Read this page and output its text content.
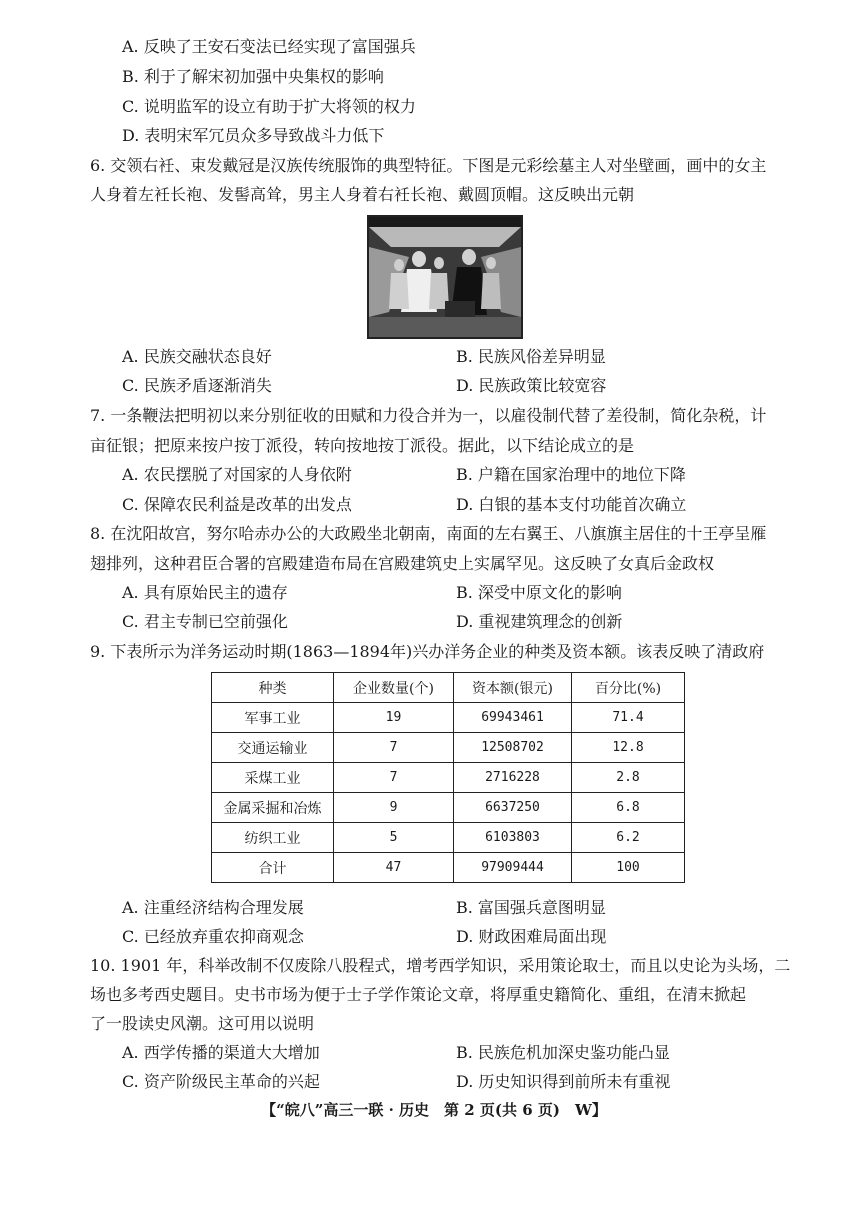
A. 反映了王安石变法已经实现了富国强兵
B. 利于了解宋初加强中央集权的影响
C. 说明监军的设立有助于扩大将领的权力
D. 表明宋军冗员众多导致战斗力低下
6. 交领右衽、束发戴冠是汉族传统服饰的典型特征。下图是元彩绘墓主人对坐壁画，画中的女主
人身着左衽长袍、发髻高耸，男主人身着右衽长袍、戴圆顶帽。这反映出元朝
A. 民族交融状态良好	B. 民族风俗差异明显
C. 民族矛盾逐渐消失	D. 民族政策比较宽容
7. 一条鞭法把明初以来分别征收的田赋和力役合并为一，以雇役制代替了差役制，简化杂税，计
亩征银；把原来按户按丁派役，转向按地按丁派役。据此，以下结论成立的是
A. 农民摆脱了对国家的人身依附	B. 户籍在国家治理中的地位下降
C. 保障农民利益是改革的出发点	D. 白银的基本支付功能首次确立
8. 在沈阳故宫，努尔哈赤办公的大政殿坐北朝南，南面的左右翼王、八旗旗主居住的十王亭呈雁
翅排列，这种君臣合署的宫殿建造布局在宫殿建筑史上实属罕见。这反映了女真后金政权
A. 具有原始民主的遗存	B. 深受中原文化的影响
C. 君主专制已空前强化	D. 重视建筑理念的创新
9. 下表所示为洋务运动时期(1863—1894年)兴办洋务企业的种类及资本额。该表反映了清政府
种类	企业数量(个)	资本额(银元)	百分比(%)
军事工业	19	69943461	71.4
交通运输业	7	12508702	12.8
采煤工业	7	2716228	2.8
金属采掘和冶炼	9	6637250	6.8
纺织工业	5	6103803	6.2
合计	47	97909444	100
A. 注重经济结构合理发展	B. 富国强兵意图明显
C. 已经放弃重农抑商观念	D. 财政困难局面出现
10. 1901 年，科举改制不仅废除八股程式，增考西学知识，采用策论取士，而且以史论为头场，二
场也多考西史题目。史书市场为便于士子学作策论文章，将厚重史籍简化、重组，在清末掀起
了一股读史风潮。这可用以说明
A. 西学传播的渠道大大增加	B. 民族危机加深史鉴功能凸显
C. 资产阶级民主革命的兴起	D. 历史知识得到前所未有重视
【“皖八”高三一联 · 历史　第 2 页(共 6 页)　W】
